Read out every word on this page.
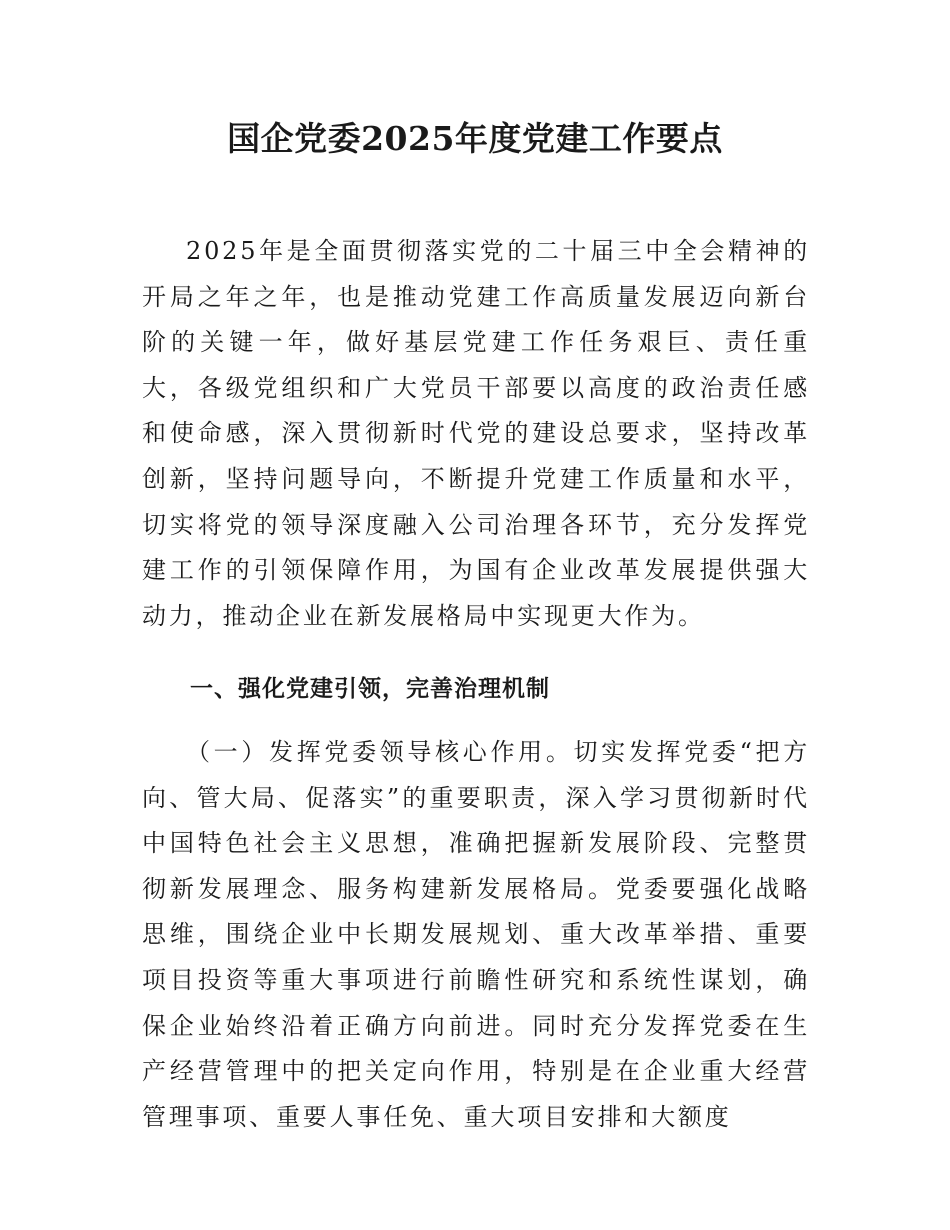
国企党委2025年度党建工作要点

2025年是全面贯彻落实党的二十届三中全会精神的开局之年之年，也是推动党建工作高质量发展迈向新台阶的关键一年，做好基层党建工作任务艰巨、责任重大，各级党组织和广大党员干部要以高度的政治责任感和使命感，深入贯彻新时代党的建设总要求，坚持改革创新，坚持问题导向，不断提升党建工作质量和水平，切实将党的领导深度融入公司治理各环节，充分发挥党建工作的引领保障作用，为国有企业改革发展提供强大动力，推动企业在新发展格局中实现更大作为。

一、强化党建引领，完善治理机制

（一）发挥党委领导核心作用。切实发挥党委“把方向、管大局、促落实”的重要职责，深入学习贯彻新时代中国特色社会主义思想，准确把握新发展阶段、完整贯彻新发展理念、服务构建新发展格局。党委要强化战略思维，围绕企业中长期发展规划、重大改革举措、重要项目投资等重大事项进行前瞻性研究和系统性谋划，确保企业始终沿着正确方向前进。同时充分发挥党委在生产经营管理中的把关定向作用，特别是在企业重大经营管理事项、重要人事任免、重大项目安排和大额度
